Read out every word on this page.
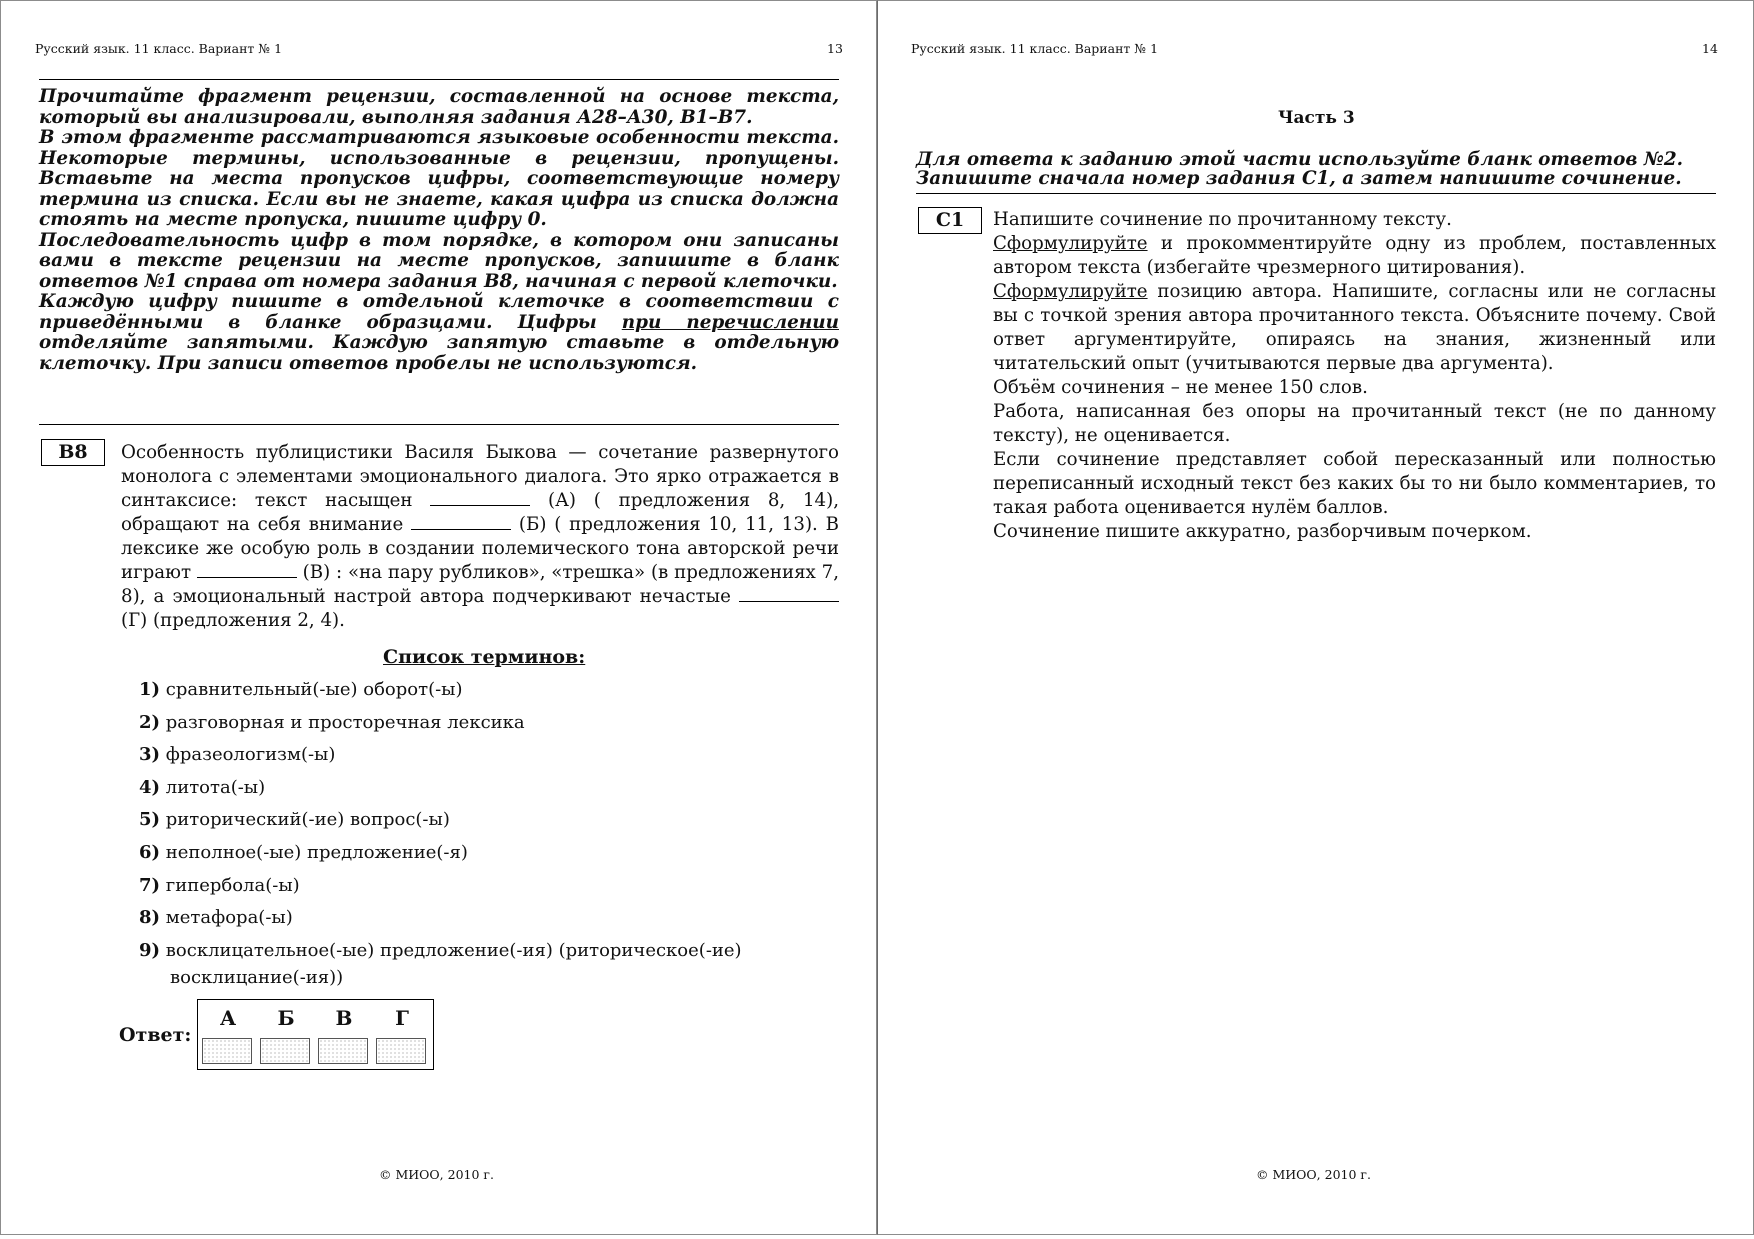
Русский язык. 11 класс. Вариант № 1	13

Прочитайте фрагмент рецензии, составленной на основе текста, который вы анализировали, выполняя задания А28–А30, В1–В7.

В этом фрагменте рассматриваются языковые особенности текста. Некоторые термины, использованные в рецензии, пропущены. Вставьте на места пропусков цифры, соответствующие номеру термина из списка. Если вы не знаете, какая цифра из списка должна стоять на месте пропуска, пишите цифру 0.

Последовательность цифр в том порядке, в котором они записаны вами в тексте рецензии на месте пропусков, запишите в бланк ответов №1 справа от номера задания В8, начиная с первой клеточки.

Каждую цифру пишите в отдельной клеточке в соответствии с приведёнными в бланке образцами. Цифры при перечислении отделяйте запятыми. Каждую запятую ставьте в отдельную клеточку. При записи ответов пробелы не используются.

В8	Особенность публицистики Василя Быкова — сочетание развернутого монолога с элементами эмоционального диалога. Это ярко отражается в синтаксисе: текст насыщен	(А) ( предложения 8, 14), обращают на себя внимание	(Б) ( предложения 10, 11, 13). В лексике же особую роль в создании полемического тона авторской речи играют	(В) : «на пару рубликов», «трешка» (в предложениях 7, 8), а эмоциональный настрой автора подчеркивают нечастые  (Г) (предложения 2, 4).

Список терминов:
1) сравнительный(-ые) оборот(-ы)
2) разговорная и просторечная лексика
3) фразеологизм(-ы)
4) литота(-ы)
5) риторический(-ие) вопрос(-ы)
6) неполное(-ые) предложение(-я)
7) гипербола(-ы)
8) метафора(-ы)
9) восклицательное(-ые) предложение(-ия) (риторическое(-ие)
восклицание(-ия))
Ответ:
А	Б	В	Г
© МИОО, 2010 г.
Русский язык. 11 класс. Вариант № 1	14
Часть 3

Для ответа к заданию этой части используйте бланк ответов №2.

Запишите сначала номер задания С1, а затем напишите сочинение.

С1	Напишите сочинение по прочитанному тексту.

Сформулируйте и прокомментируйте одну из проблем, поставленных автором текста (избегайте чрезмерного цитирования).

Сформулируйте позицию автора. Напишите, согласны или не согласны вы с точкой зрения автора прочитанного текста. Объясните почему. Свой ответ аргументируйте, опираясь на знания, жизненный или читательский опыт (учитываются первые два аргумента).

Объём сочинения – не менее 150 слов.

Работа, написанная без опоры на прочитанный текст (не по данному тексту), не оценивается.

Если сочинение представляет собой пересказанный или полностью переписанный исходный текст без каких бы то ни было комментариев, то такая работа оценивается нулём баллов.

Сочинение пишите аккуратно, разборчивым почерком.

© МИОО, 2010 г.
